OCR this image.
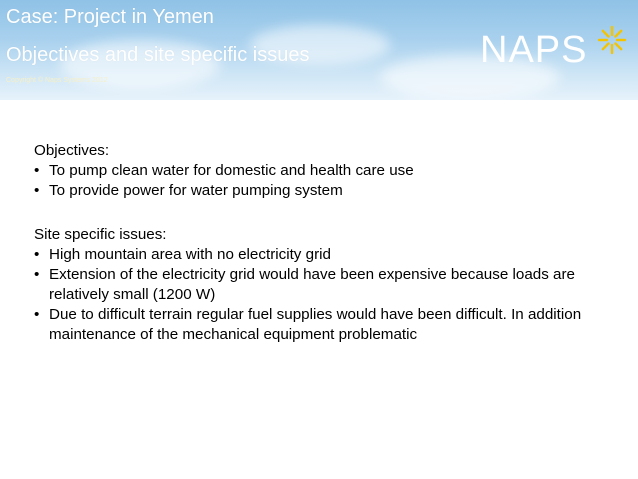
Case: Project in Yemen
Objectives and site specific issues
Copyright © Naps Systems 2012
NAPS

Objectives:

• To pump clean water for domestic and health care use
• To provide power for water pumping system

Site specific issues:

• High mountain area with no electricity grid
• Extension of the electricity grid would have been expensive because loads are relatively small (1200 W)
• Due to difficult terrain regular fuel supplies would have been difficult. In addition maintenance of the mechanical equipment problematic
